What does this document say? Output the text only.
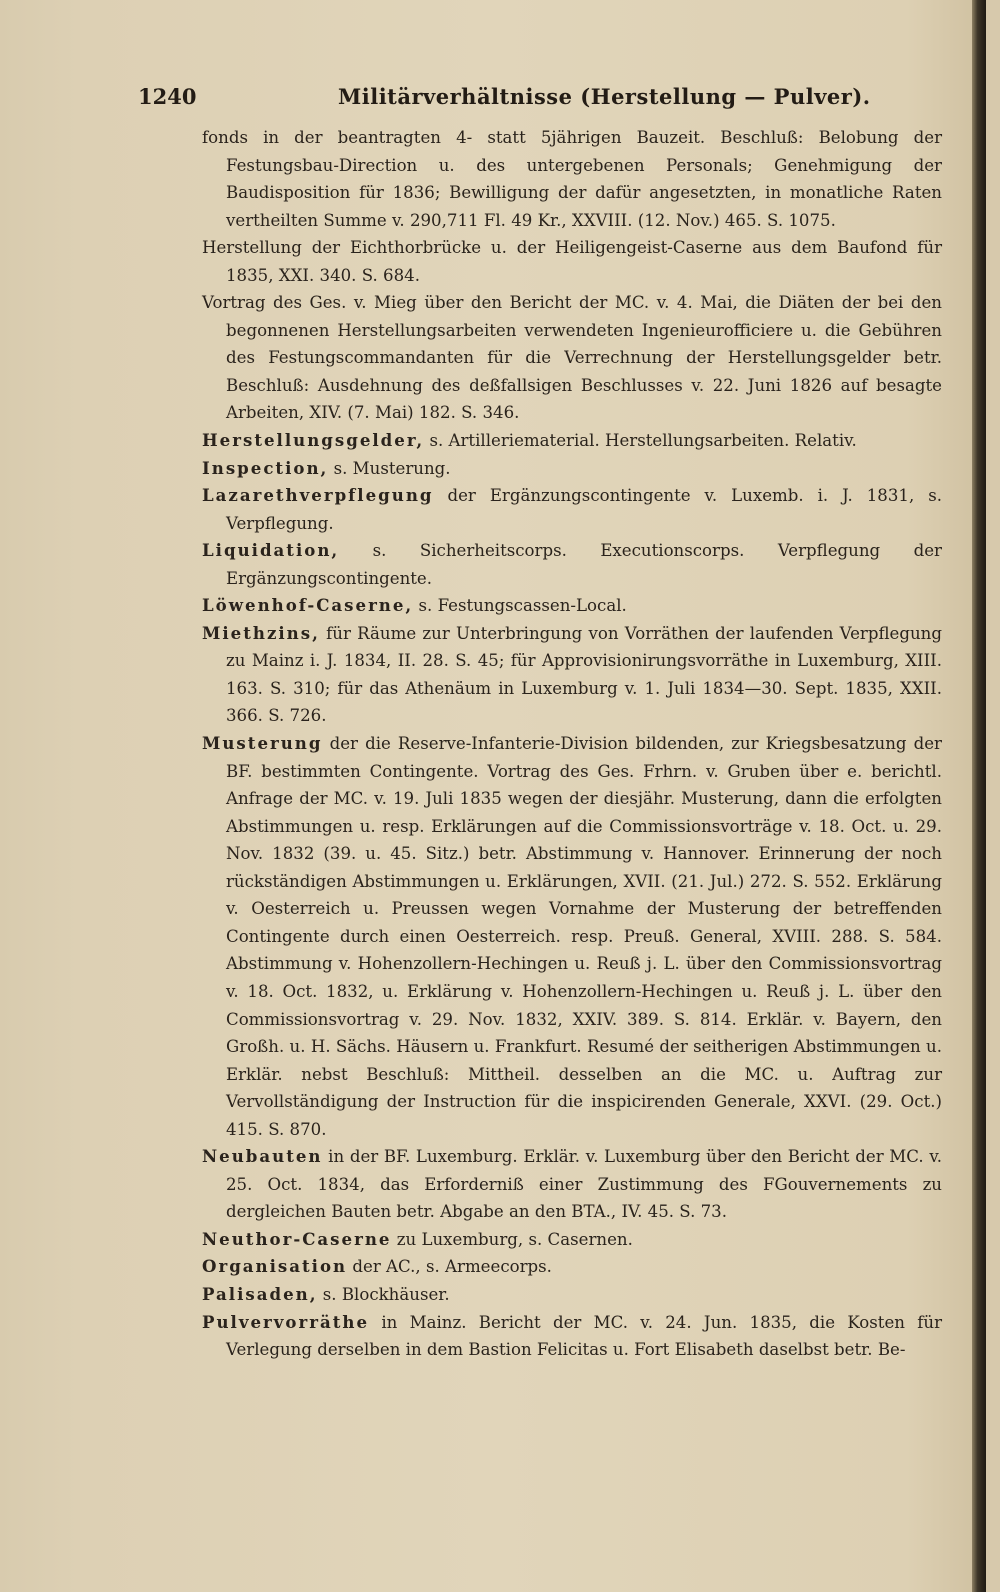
1240	Militärverhältnisse (Herstellung — Pulver).

fonds in der beantragten 4- statt 5jährigen Bauzeit. Beschluß: Belobung der Festungsbau-Direction u. des untergebenen Personals; Genehmigung der Baudisposition für 1836; Bewilligung der dafür angesetzten, in monatliche Raten vertheilten Summe v. 290,711 Fl. 49 Kr., XXVIII. (12. Nov.) 465. S. 1075.

Herstellung der Eichthorbrücke u. der Heiligengeist-Caserne aus dem Baufond für 1835, XXI. 340. S. 684.

Vortrag des Ges. v. Mieg über den Bericht der MC. v. 4. Mai, die Diäten der bei den begonnenen Herstellungsarbeiten verwendeten Ingenieurofficiere u. die Gebühren des Festungscommandanten für die Verrechnung der Herstellungsgelder betr. Beschluß: Ausdehnung des deßfallsigen Beschlusses v. 22. Juni 1826 auf besagte Arbeiten, XIV. (7. Mai) 182. S. 346.

Herstellungsgelder, s. Artilleriematerial. Herstellungsarbeiten. Relativ.

Inspection, s. Musterung.

Lazarethverpflegung der Ergänzungscontingente v. Luxemb. i. J. 1831, s. Verpflegung.

Liquidation, s. Sicherheitscorps. Executionscorps. Verpflegung der Ergänzungscontingente.

Löwenhof-Caserne, s. Festungscassen-Local.

Miethzins, für Räume zur Unterbringung von Vorräthen der laufenden Verpflegung zu Mainz i. J. 1834, II. 28. S. 45; für Approvisionirungsvorräthe in Luxemburg, XIII. 163. S. 310; für das Athenäum in Luxemburg v. 1. Juli 1834—30. Sept. 1835, XXII. 366. S. 726.

Musterung der die Reserve-Infanterie-Division bildenden, zur Kriegsbesatzung der BF. bestimmten Contingente. Vortrag des Ges. Frhrn. v. Gruben über e. berichtl. Anfrage der MC. v. 19. Juli 1835 wegen der diesjähr. Musterung, dann die erfolgten Abstimmungen u. resp. Erklärungen auf die Commissionsvorträge v. 18. Oct. u. 29. Nov. 1832 (39. u. 45. Sitz.) betr. Abstimmung v. Hannover. Erinnerung der noch rückständigen Abstimmungen u. Erklärungen, XVII. (21. Jul.) 272. S. 552. Erklärung v. Oesterreich u. Preussen wegen Vornahme der Musterung der betreffenden Contingente durch einen Oesterreich. resp. Preuß. General, XVIII. 288. S. 584. Abstimmung v. Hohenzollern-Hechingen u. Reuß j. L. über den Commissionsvortrag v. 18. Oct. 1832, u. Erklärung v. Hohenzollern-Hechingen u. Reuß j. L. über den Commissionsvortrag v. 29. Nov. 1832, XXIV. 389. S. 814. Erklär. v. Bayern, den Großh. u. H. Sächs. Häusern u. Frankfurt. Resumé der seitherigen Abstimmungen u. Erklär. nebst Beschluß: Mittheil. desselben an die MC. u. Auftrag zur Vervollständigung der Instruction für die inspicirenden Generale, XXVI. (29. Oct.) 415. S. 870.

Neubauten in der BF. Luxemburg. Erklär. v. Luxemburg über den Bericht der MC. v. 25. Oct. 1834, das Erforderniß einer Zustimmung des FGouvernements zu dergleichen Bauten betr. Abgabe an den BTA., IV. 45. S. 73.

Neuthor-Caserne zu Luxemburg, s. Casernen.

Organisation der AC., s. Armeecorps.

Palisaden, s. Blockhäuser.

Pulvervorräthe in Mainz. Bericht der MC. v. 24. Jun. 1835, die Kosten für Verlegung derselben in dem Bastion Felicitas u. Fort Elisabeth daselbst betr. Be-
